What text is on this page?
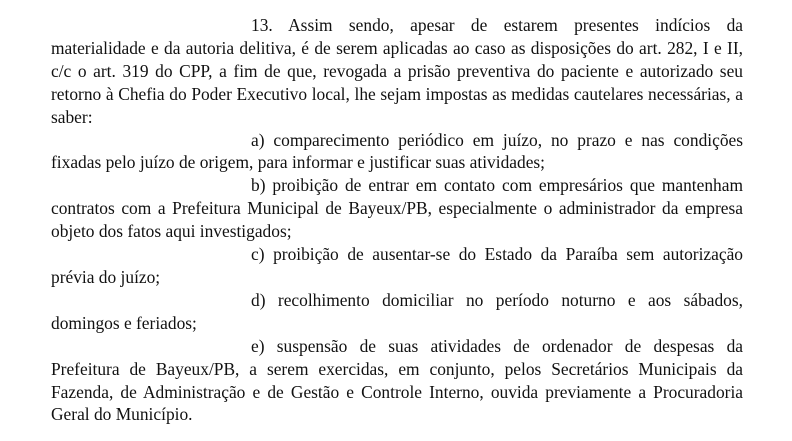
13. Assim sendo, apesar de estarem presentes indícios da materialidade e da autoria delitiva, é de serem aplicadas ao caso as disposições do art. 282, I e II, c/c o art. 319 do CPP, a fim de que, revogada a prisão preventiva do paciente e autorizado seu retorno à Chefia do Poder Executivo local, lhe sejam impostas as medidas cautelares necessárias, a saber:

a) comparecimento periódico em juízo, no prazo e nas condições fixadas pelo juízo de origem, para informar e justificar suas atividades;

b) proibição de entrar em contato com empresários que mantenham contratos com a Prefeitura Municipal de Bayeux/PB, especialmente o administrador da empresa objeto dos fatos aqui investigados;

c) proibição de ausentar-se do Estado da Paraíba sem autorização prévia do juízo;

d) recolhimento domiciliar no período noturno e aos sábados, domingos e feriados;

e) suspensão de suas atividades de ordenador de despesas da Prefeitura de Bayeux/PB, a serem exercidas, em conjunto, pelos Secretários Municipais da Fazenda, de Administração e de Gestão e Controle Interno, ouvida previamente a Procuradoria Geral do Município.
